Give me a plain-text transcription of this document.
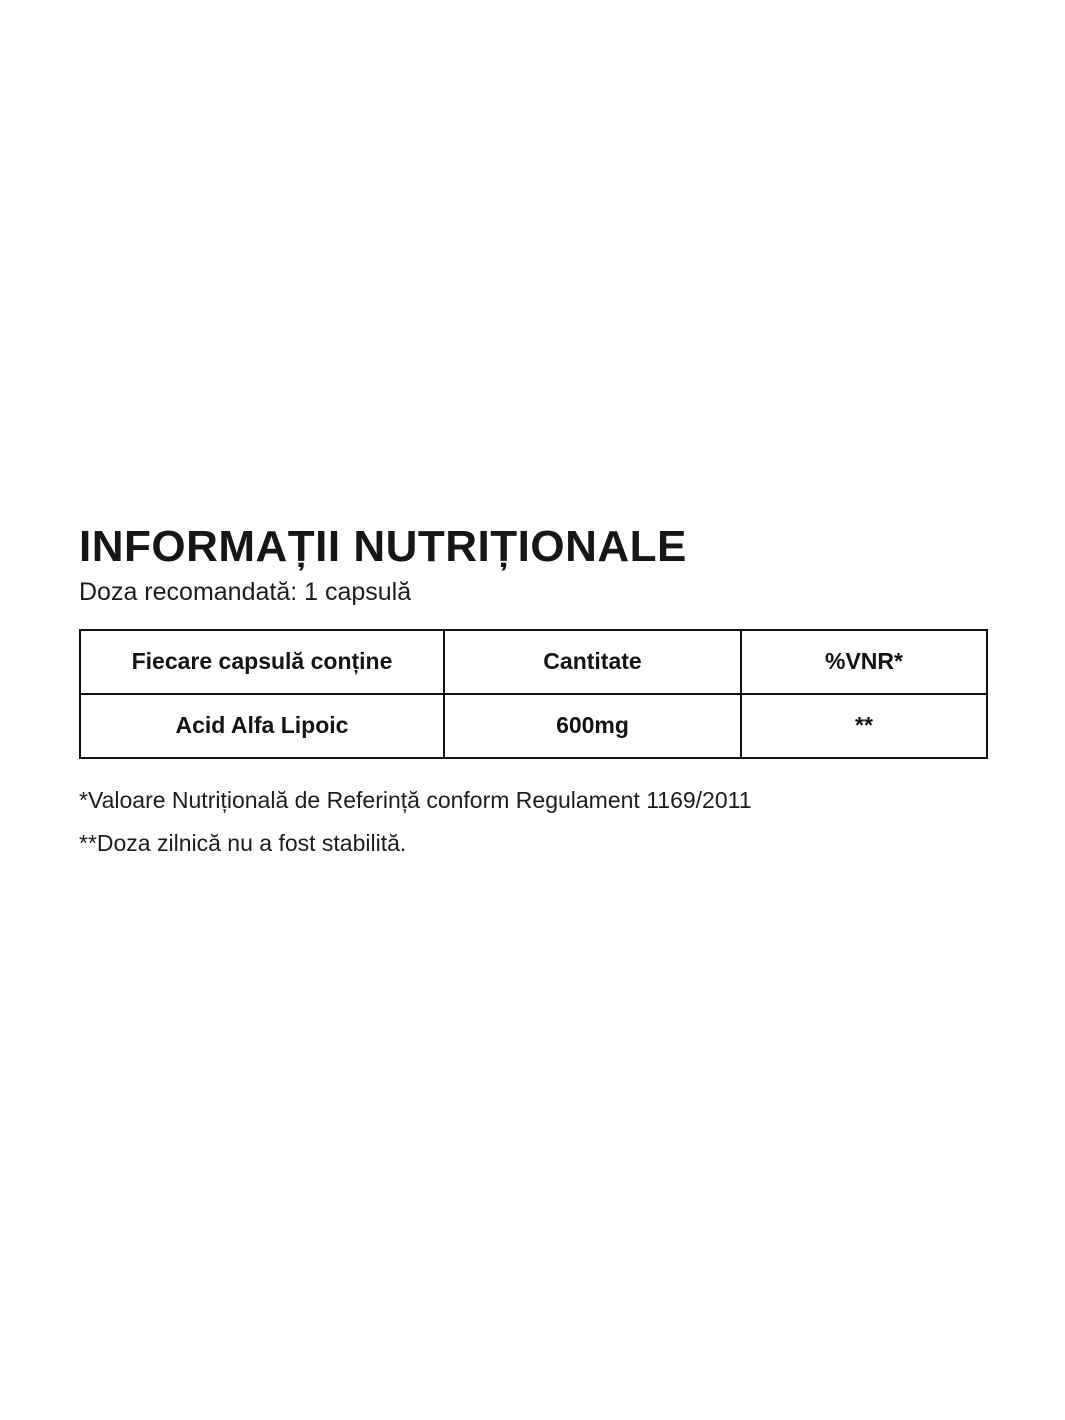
INFORMAȚII NUTRIȚIONALE

Doza recomandată: 1 capsulă

Fiecare capsulă conține	Cantitate	%VNR*
Acid Alfa Lipoic	600mg	**

*Valoare Nutrițională de Referință conform Regulament 1169/2011

**Doza zilnică nu a fost stabilită.
